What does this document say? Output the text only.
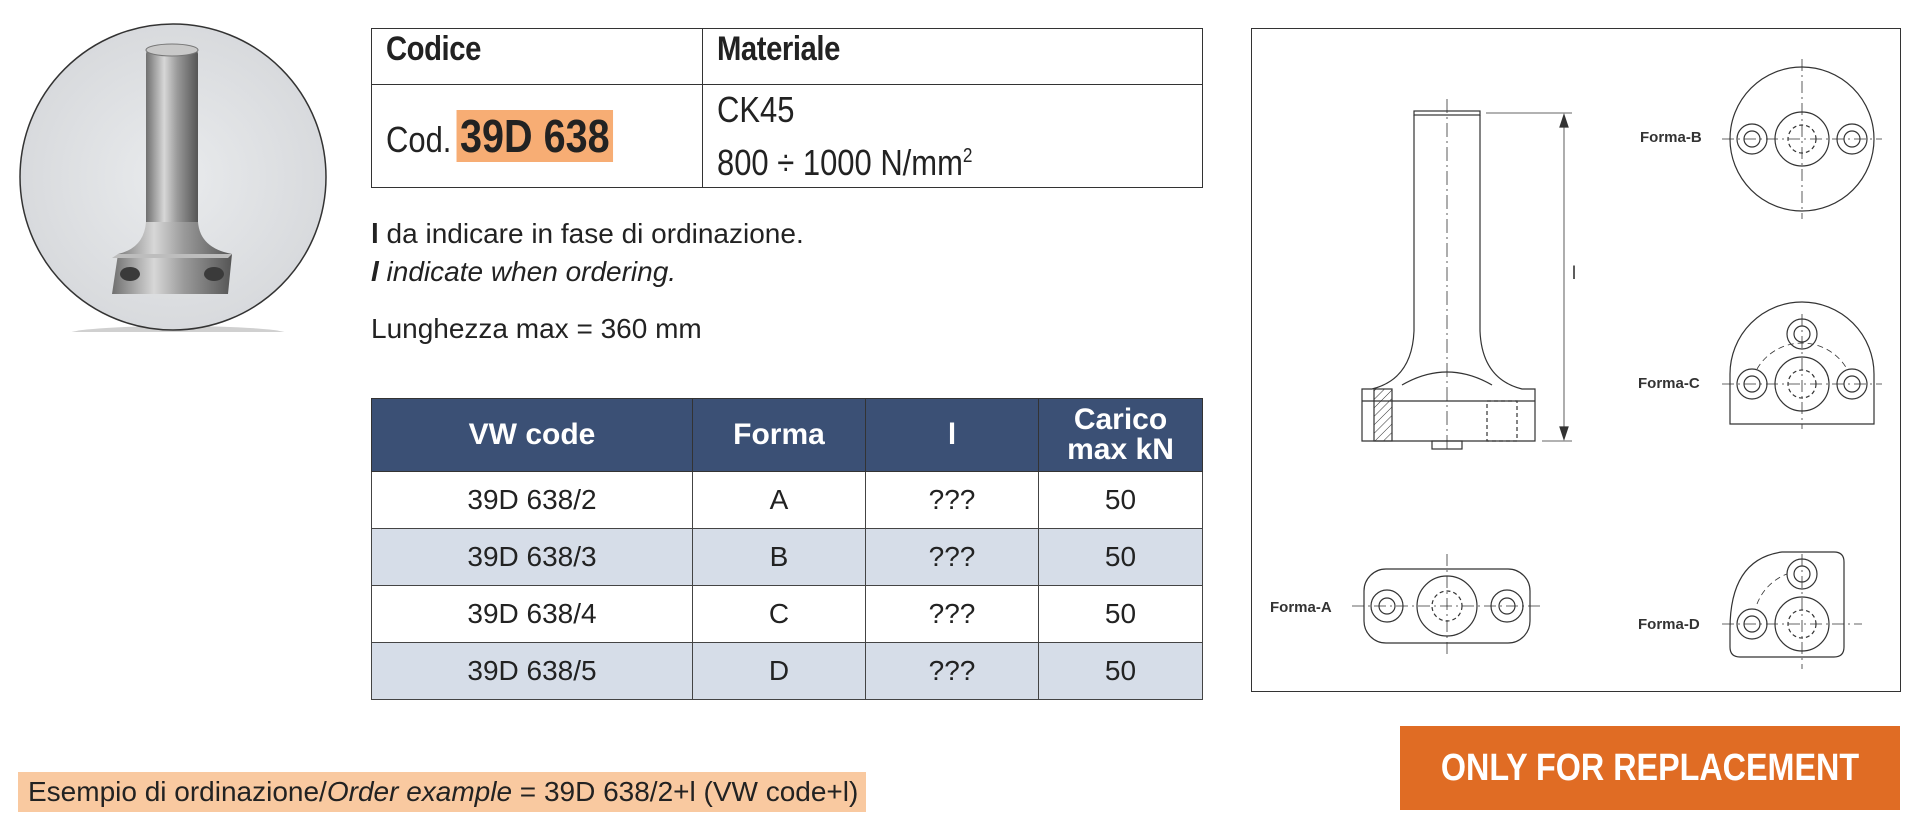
Codice	Materiale
Cod. 39D 638	CK45
800 ÷ 1000 $N/mm^2$
l da indicare in fase di ordinazione.
l indicate when ordering.
Lunghezza max = 360 mm
VW code	Forma	l	Carico
max kN
39D 638/2	A	???	50
39D 638/3	B	???	50
39D 638/4	C	???	50
39D 638/5	D	???	50
l
Forma-B
Forma-C
Forma-A
Forma-D
Esempio di ordinazione/Order example = 39D 638/2+l (VW code+l)
ONLY FOR REPLACEMENT
